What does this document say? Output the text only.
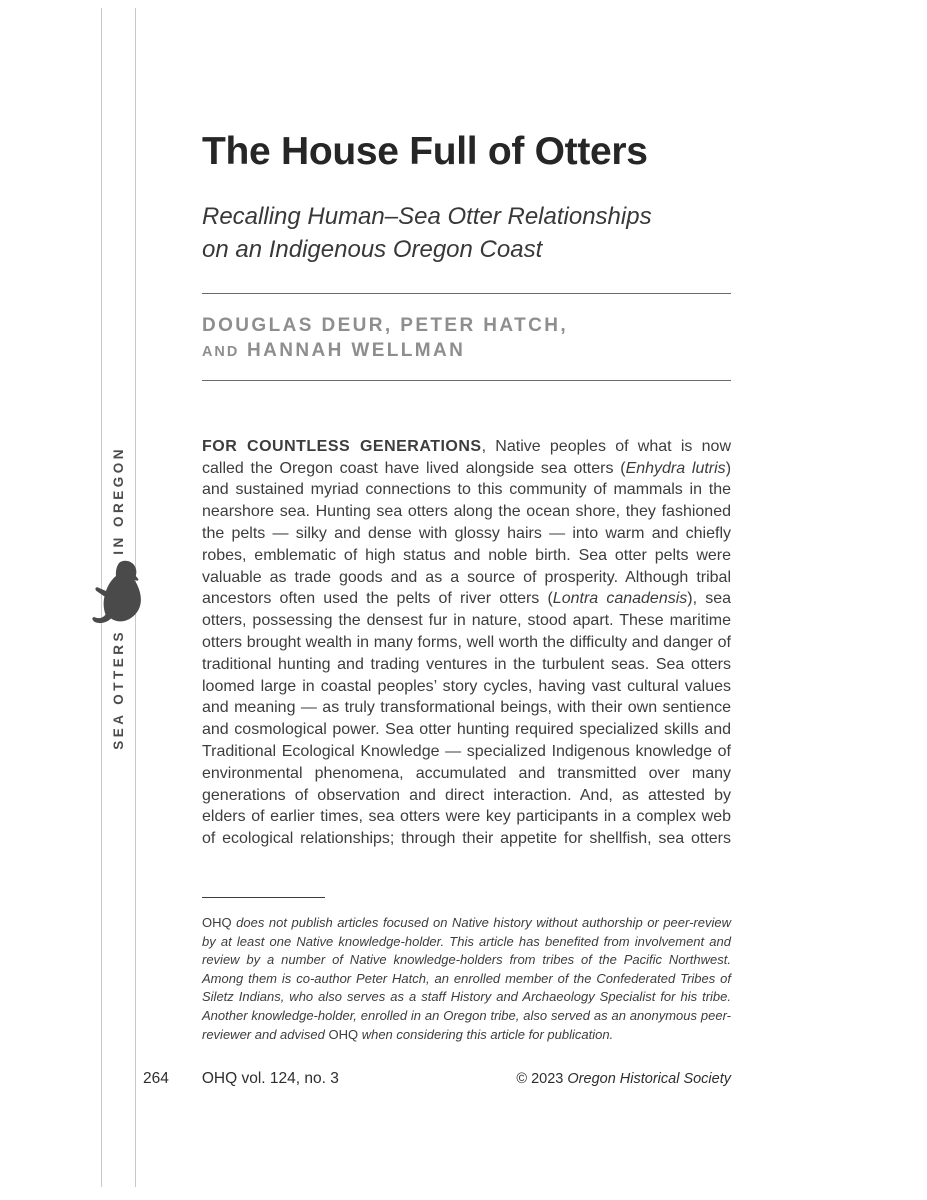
IN OREGON
SEA OTTERS
The House Full of Otters
Recalling Human–Sea Otter Relationships
on an Indigenous Oregon Coast
DOUGLAS DEUR, PETER HATCH,
AND HANNAH WELLMAN

FOR COUNTLESS GENERATIONS, Native peoples of what is now called the Oregon coast have lived alongside sea otters (Enhydra lutris) and sustained myriad connections to this community of mammals in the nearshore sea. Hunting sea otters along the ocean shore, they fashioned the pelts — silky and dense with glossy hairs — into warm and chiefly robes, emblematic of high status and noble birth. Sea otter pelts were valuable as trade goods and as a source of prosperity. Although tribal ancestors often used the pelts of river otters (Lontra canadensis), sea otters, possessing the densest fur in nature, stood apart. These maritime otters brought wealth in many forms, well worth the difficulty and danger of traditional hunting and trading ventures in the turbulent seas. Sea otters loomed large in coastal peoples’ story cycles, having vast cultural values and meaning — as truly transformational beings, with their own sentience and cosmological power. Sea otter hunting required specialized skills and Traditional Ecological Knowledge — specialized Indigenous knowledge of environmental phenomena, accumulated and transmitted over many generations of observation and direct interaction. And, as attested by elders of earlier times, sea otters were key participants in a complex web of ecological relationships; through their appetite for shellfish, sea otters

OHQ does not publish articles focused on Native history without authorship or peer-review by at least one Native knowledge-holder. This article has benefited from involvement and review by a number of Native knowledge-holders from tribes of the Pacific Northwest. Among them is co-author Peter Hatch, an enrolled member of the Confederated Tribes of Siletz Indians, who also serves as a staff History and Archaeology Specialist for his tribe. Another knowledge-holder, enrolled in an Oregon tribe, also served as an anonymous peer-reviewer and advised OHQ when considering this article for publication.

264 OHQ vol. 124, no. 3	© 2023 Oregon Historical Society
